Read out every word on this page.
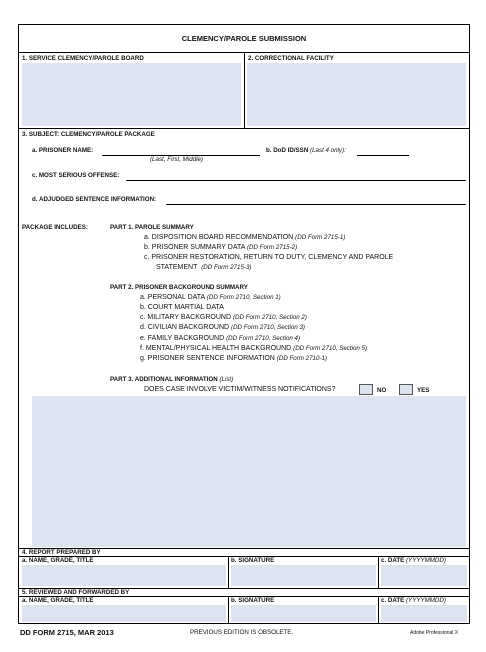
CLEMENCY/PAROLE SUBMISSION
1. SERVICE CLEMENCY/PAROLE BOARD	2. CORRECTIONAL FACILITY
3. SUBJECT: CLEMENCY/PAROLE PACKAGE
a. PRISONER NAME:
(Last, First, Middle)
b. DoD ID/SSN (Last 4 only):
c. MOST SERIOUS OFFENSE:
d. ADJUDGED SENTENCE INFORMATION:
PACKAGE INCLUDES:	PART 1. PAROLE SUMMARY
a. DISPOSITION BOARD RECOMMENDATION (DD Form 2715-1)
b. PRISONER SUMMARY DATA (DD Form 2715-2)
c. PRISONER RESTORATION, RETURN TO DUTY, CLEMENCY AND PAROLE
STATEMENT (DD Form 2715-3)
PART 2. PRISONER BACKGROUND SUMMARY
a. PERSONAL DATA (DD Form 2710, Section 1)
b. COURT MARTIAL DATA
c. MILITARY BACKGROUND (DD Form 2710, Section 2)
d. CIVILIAN BACKGROUND (DD Form 2710, Section 3)
e. FAMILY BACKGROUND (DD Form 2710, Section 4)
f. MENTAL/PHYSICAL HEALTH BACKGROUND (DD Form 2710, Section 5)
g. PRISONER SENTENCE INFORMATION (DD Form 2710-1)
PART 3. ADDITIONAL INFORMATION (List)
DOES CASE INVOLVE VICTIM/WITNESS NOTIFICATIONS?	NO	YES
4. REPORT PREPARED BY
a. NAME, GRADE, TITLE	b. SIGNATURE	c. DATE (YYYYMMDD)
5. REVIEWED AND FORWARDED BY
a. NAME, GRADE, TITLE	b. SIGNATURE	c. DATE (YYYYMMDD)
DD FORM 2715, MAR 2013	PREVIOUS EDITION IS OBSOLETE.	Adobe Professional X
